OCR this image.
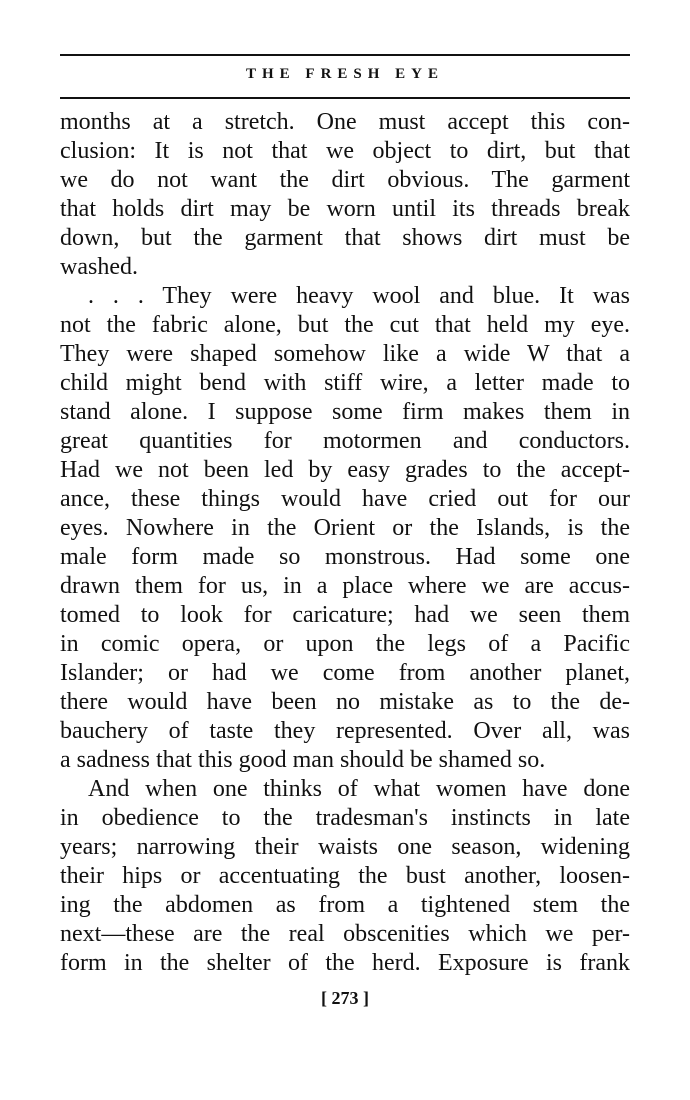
THE FRESH EYE
months at a stretch. One must accept this con-
clusion: It is not that we object to dirt, but that
we do not want the dirt obvious. The garment
that holds dirt may be worn until its threads break
down, but the garment that shows dirt must be
washed.
. . . They were heavy wool and blue. It was
not the fabric alone, but the cut that held my eye.
They were shaped somehow like a wide W that a
child might bend with stiff wire, a letter made to
stand alone. I suppose some firm makes them in
great quantities for motormen and conductors.
Had we not been led by easy grades to the accept-
ance, these things would have cried out for our
eyes. Nowhere in the Orient or the Islands, is the
male form made so monstrous. Had some one
drawn them for us, in a place where we are accus-
tomed to look for caricature; had we seen them
in comic opera, or upon the legs of a Pacific
Islander; or had we come from another planet,
there would have been no mistake as to the de-
bauchery of taste they represented. Over all, was
a sadness that this good man should be shamed so.
And when one thinks of what women have done
in obedience to the tradesman's instincts in late
years; narrowing their waists one season, widening
their hips or accentuating the bust another, loosen-
ing the abdomen as from a tightened stem the
next—these are the real obscenities which we per-
form in the shelter of the herd. Exposure is frank
[ 273 ]
